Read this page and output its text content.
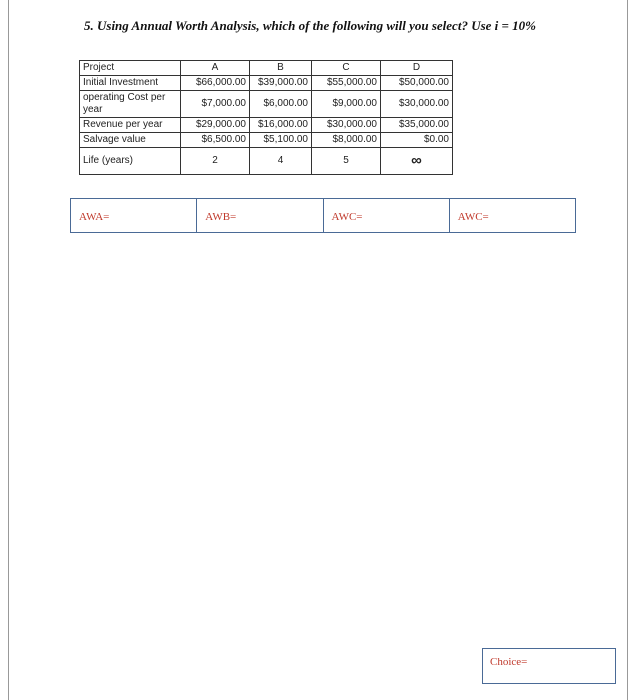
5. Using Annual Worth Analysis, which of the following will you select? Use i = 10%
Project	A	B	C	D
Initial Investment	$66,000.00	$39,000.00	$55,000.00	$50,000.00
operating Cost per year	$7,000.00	$6,000.00	$9,000.00	$30,000.00
Revenue per year	$29,000.00	$16,000.00	$30,000.00	$35,000.00
Salvage value	$6,500.00	$5,100.00	$8,000.00	$0.00
Life (years)	2	4	5	∞
AWA=	AWB=	AWC=	AWC=
Choice=
